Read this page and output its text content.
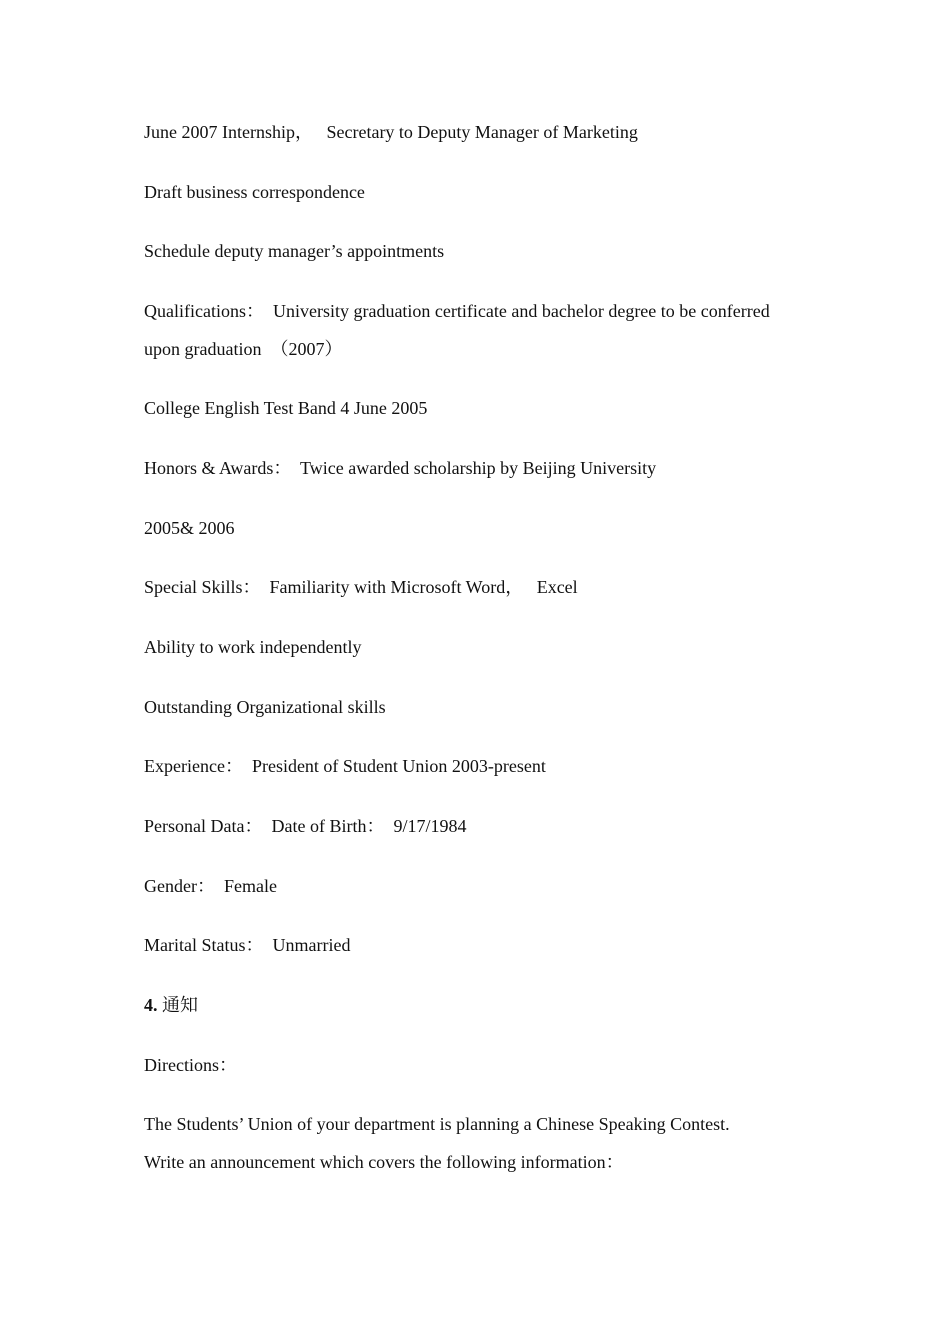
June 2007 Internship，   Secretary to Deputy Manager of Marketing
Draft business correspondence
Schedule deputy manager’s appointments
Qualifications：  University graduation certificate and bachelor degree to be conferred
upon graduation  （2007）
College English Test Band 4 June 2005
Honors & Awards：  Twice awarded scholarship by Beijing University
2005& 2006
Special Skills：  Familiarity with Microsoft Word，   Excel
Ability to work independently
Outstanding Organizational skills
Experience：  President of Student Union 2003-present
Personal Data：  Date of Birth：  9/17/1984
Gender：  Female
Marital Status：  Unmarried
4. 通知
Directions：
The Students’ Union of your department is planning a Chinese Speaking Contest.
Write an announcement which covers the following information：
